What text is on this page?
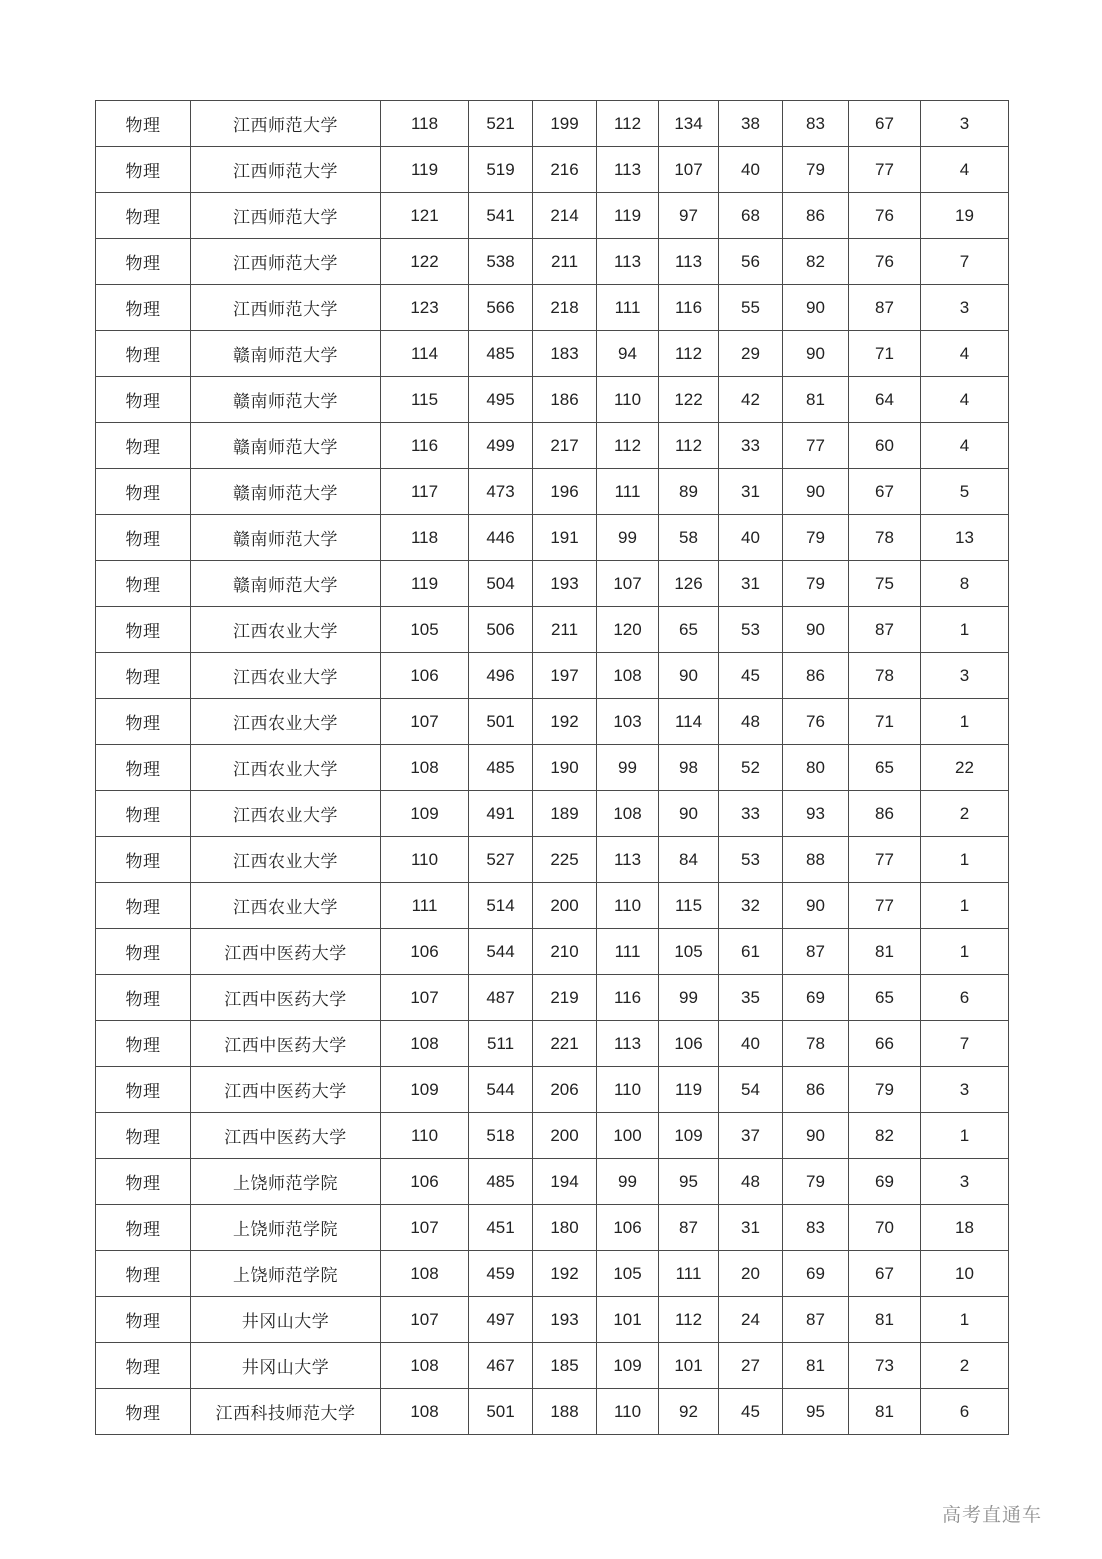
物理	江西师范大学	118	521	199	112	134	38	83	67	3
物理	江西师范大学	119	519	216	113	107	40	79	77	4
物理	江西师范大学	121	541	214	119	97	68	86	76	19
物理	江西师范大学	122	538	211	113	113	56	82	76	7
物理	江西师范大学	123	566	218	111	116	55	90	87	3
物理	赣南师范大学	114	485	183	94	112	29	90	71	4
物理	赣南师范大学	115	495	186	110	122	42	81	64	4
物理	赣南师范大学	116	499	217	112	112	33	77	60	4
物理	赣南师范大学	117	473	196	111	89	31	90	67	5
物理	赣南师范大学	118	446	191	99	58	40	79	78	13
物理	赣南师范大学	119	504	193	107	126	31	79	75	8
物理	江西农业大学	105	506	211	120	65	53	90	87	1
物理	江西农业大学	106	496	197	108	90	45	86	78	3
物理	江西农业大学	107	501	192	103	114	48	76	71	1
物理	江西农业大学	108	485	190	99	98	52	80	65	22
物理	江西农业大学	109	491	189	108	90	33	93	86	2
物理	江西农业大学	110	527	225	113	84	53	88	77	1
物理	江西农业大学	111	514	200	110	115	32	90	77	1
物理	江西中医药大学	106	544	210	111	105	61	87	81	1
物理	江西中医药大学	107	487	219	116	99	35	69	65	6
物理	江西中医药大学	108	511	221	113	106	40	78	66	7
物理	江西中医药大学	109	544	206	110	119	54	86	79	3
物理	江西中医药大学	110	518	200	100	109	37	90	82	1
物理	上饶师范学院	106	485	194	99	95	48	79	69	3
物理	上饶师范学院	107	451	180	106	87	31	83	70	18
物理	上饶师范学院	108	459	192	105	111	20	69	67	10
物理	井冈山大学	107	497	193	101	112	24	87	81	1
物理	井冈山大学	108	467	185	109	101	27	81	73	2
物理	江西科技师范大学	108	501	188	110	92	45	95	81	6
高考直通车
